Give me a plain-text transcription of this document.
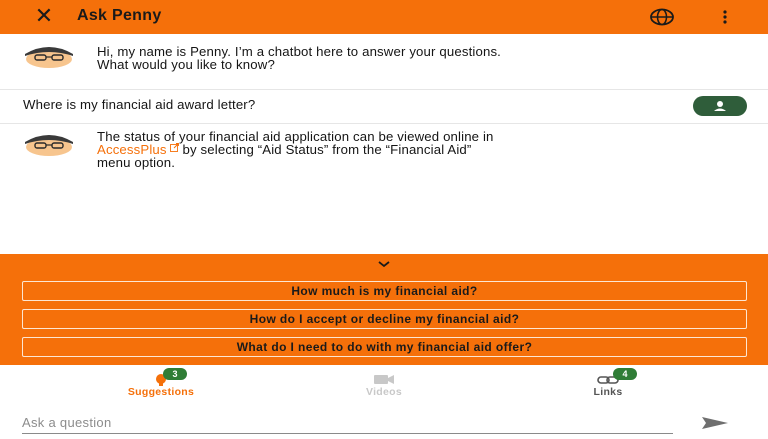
✕ Ask Penny
Hi, my name is Penny. I’m a chatbot here to answer your questions.
What would you like to know?
Where is my financial aid award letter?
The status of your financial aid application can be viewed online in
AccessPlus by selecting “Aid Status” from the “Financial Aid”
menu option.
How much is my financial aid?
How do I accept or decline my financial aid?
What do I need to do with my financial aid offer?
3
Suggestions	Videos
4
Links
Ask a question
